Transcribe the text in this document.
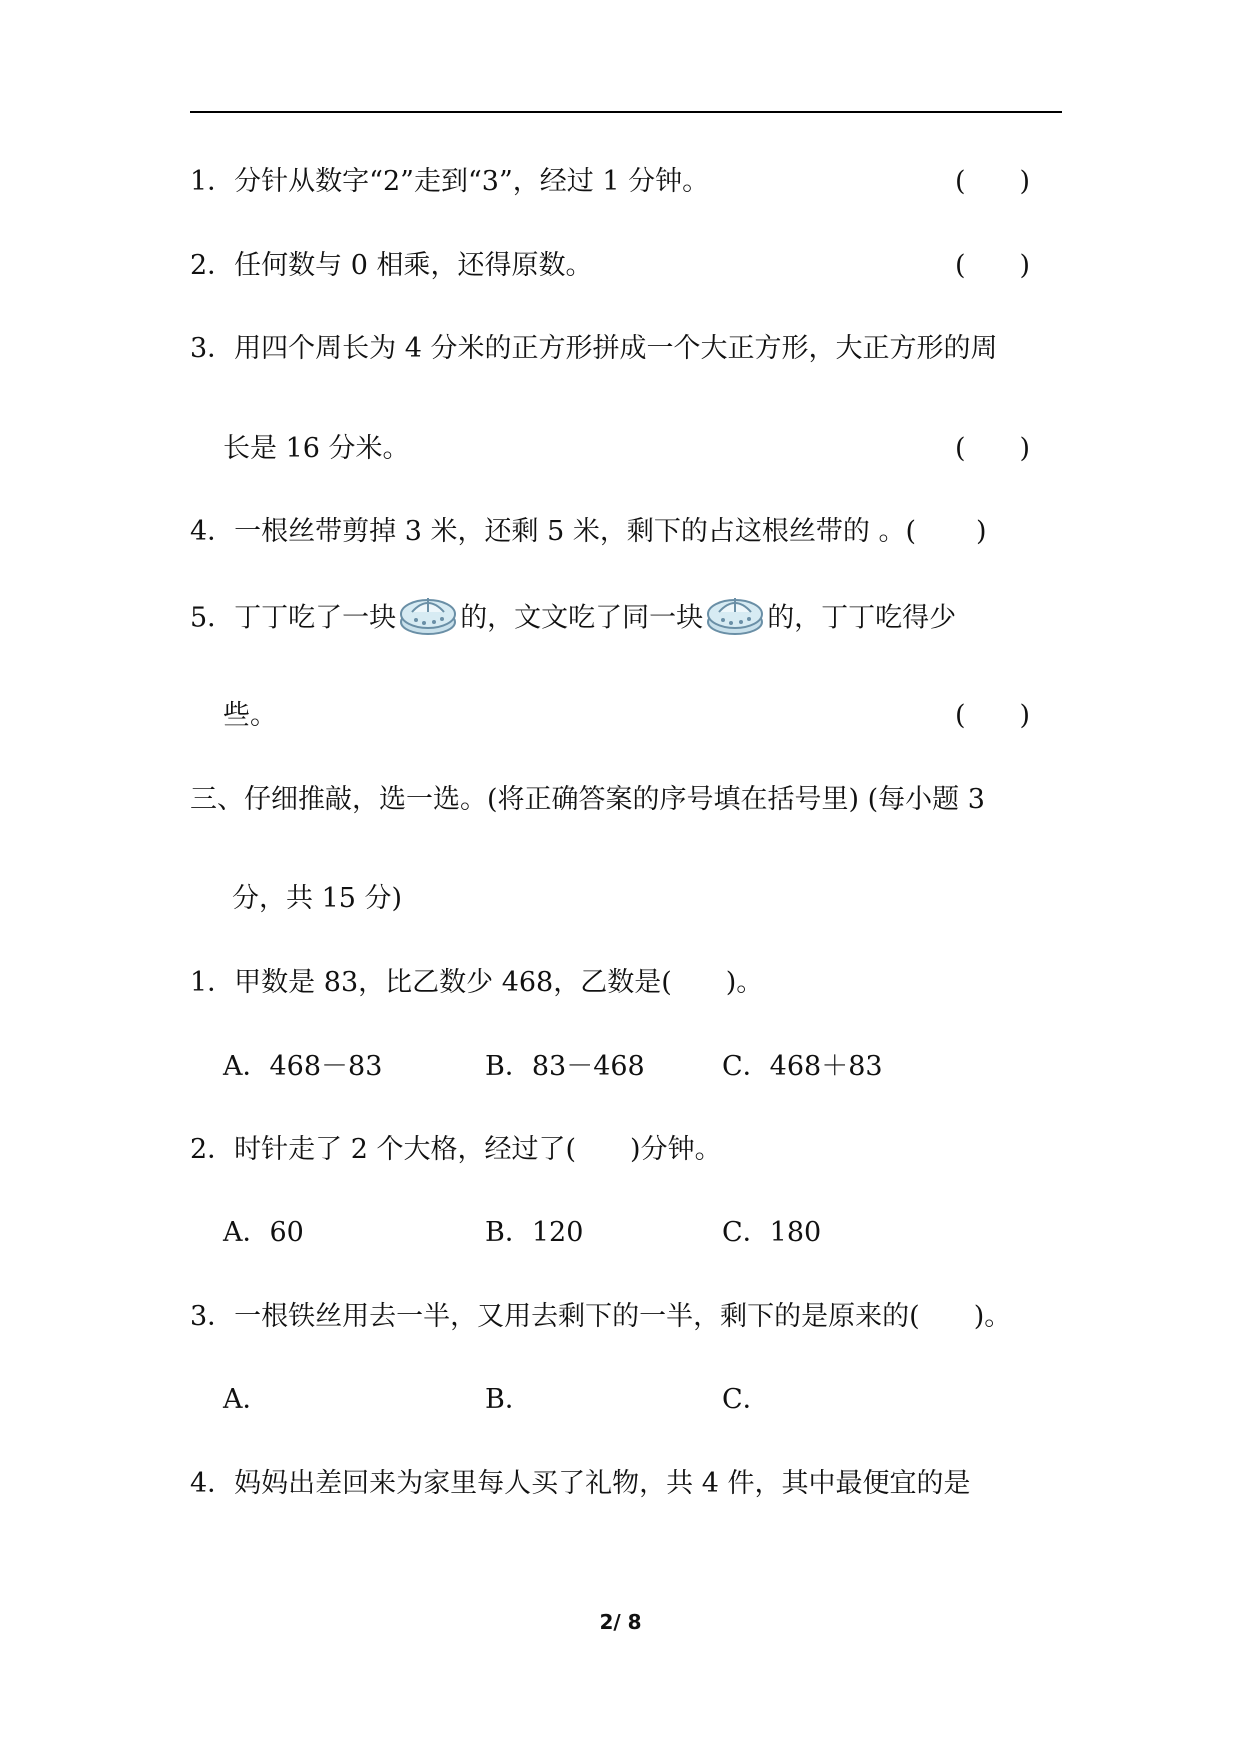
1．分针从数字“2”走到“3”，经过 1 分钟。	(　　)
2．任何数与 0 相乘，还得原数。	(　　)
3．用四个周长为 4 分米的正方形拼成一个大正方形，大正方形的周
长是 16 分米。	(　　)
4．一根丝带剪掉 3 米，还剩 5 米，剩下的占这根丝带的 。( )
5．丁丁吃了一块 的，文文吃了同一块 的，丁丁吃得少
些。	(　　)
三、仔细推敲，选一选。(将正确答案的序号填在括号里) (每小题 3
分，共 15 分)
1．甲数是 83，比乙数少 468，乙数是(　　)。
A．468－83	B．83－468	C．468＋83
2．时针走了 2 个大格，经过了(　　)分钟。
A．60	B．120	C．180
3．一根铁丝用去一半，又用去剩下的一半，剩下的是原来的(　　)。
A．	B．	C．
4．妈妈出差回来为家里每人买了礼物，共 4 件，其中最便宜的是
2/ 8
